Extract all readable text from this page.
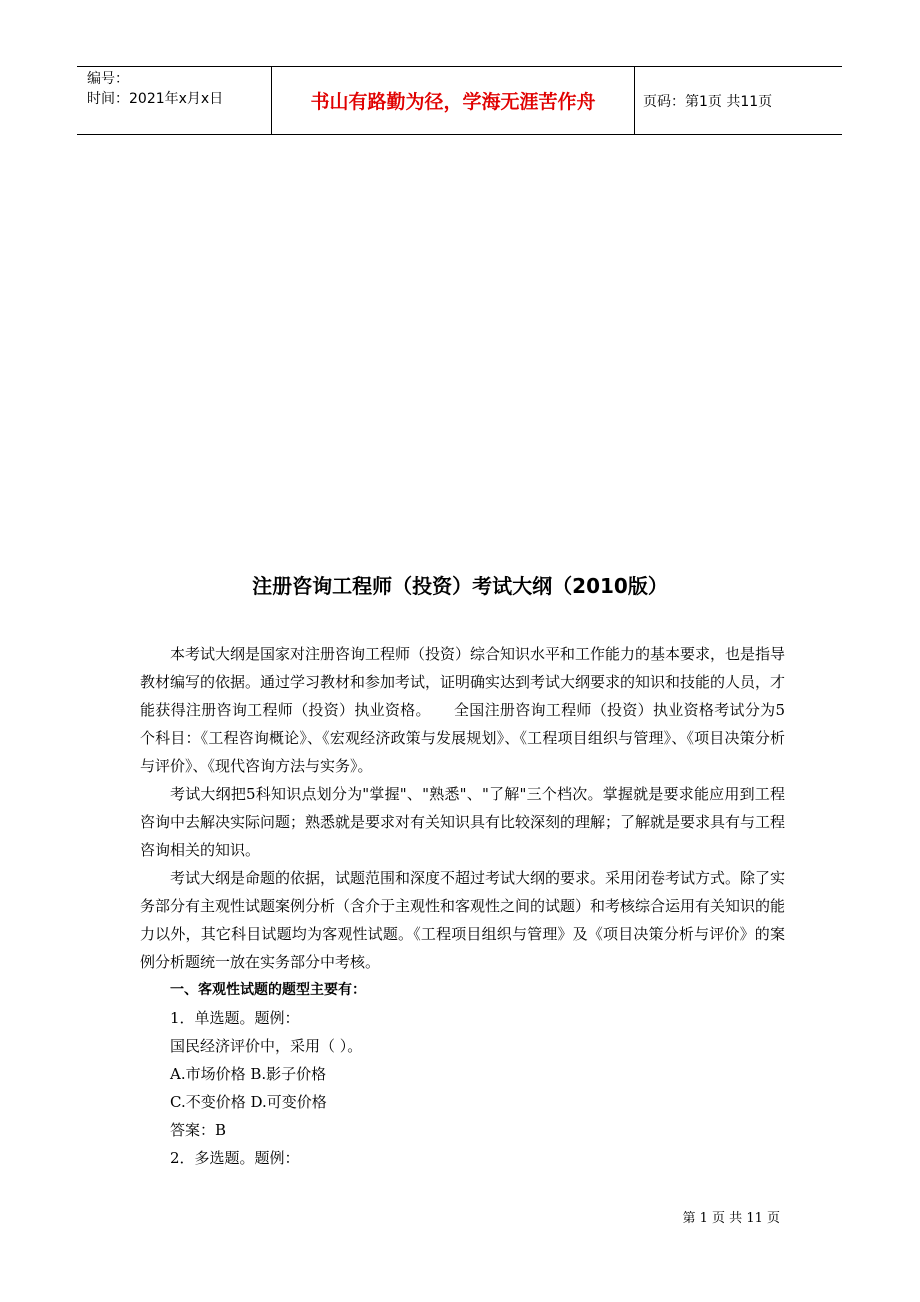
编号：
时间：2021年x月x日	书山有路勤为径，学海无涯苦作舟	页码：第1页 共11页
注册咨询工程师（投资）考试大纲（2010版）

本考试大纲是国家对注册咨询工程师（投资）综合知识水平和工作能力的基本要求，也是指导教材编写的依据。通过学习教材和参加考试，证明确实达到考试大纲要求的知识和技能的人员，才能获得注册咨询工程师（投资）执业资格。　　全国注册咨询工程师（投资）执业资格考试分为5个科目：《工程咨询概论》、《宏观经济政策与发展规划》、《工程项目组织与管理》、《项目决策分析与评价》、《现代咨询方法与实务》。

考试大纲把5科知识点划分为"掌握"、"熟悉"、"了解"三个档次。掌握就是要求能应用到工程咨询中去解决实际问题；熟悉就是要求对有关知识具有比较深刻的理解；了解就是要求具有与工程咨询相关的知识。

考试大纲是命题的依据，试题范围和深度不超过考试大纲的要求。采用闭卷考试方式。除了实务部分有主观性试题案例分析（含介于主观性和客观性之间的试题）和考核综合运用有关知识的能力以外，其它科目试题均为客观性试题。《工程项目组织与管理》及《项目决策分析与评价》的案例分析题统一放在实务部分中考核。

一、客观性试题的题型主要有：
1．单选题。题例：
国民经济评价中，采用（ ）。
A.市场价格 B.影子价格
C.不变价格 D.可变价格
答案：B
2．多选题。题例：
第 1 页 共 11 页
